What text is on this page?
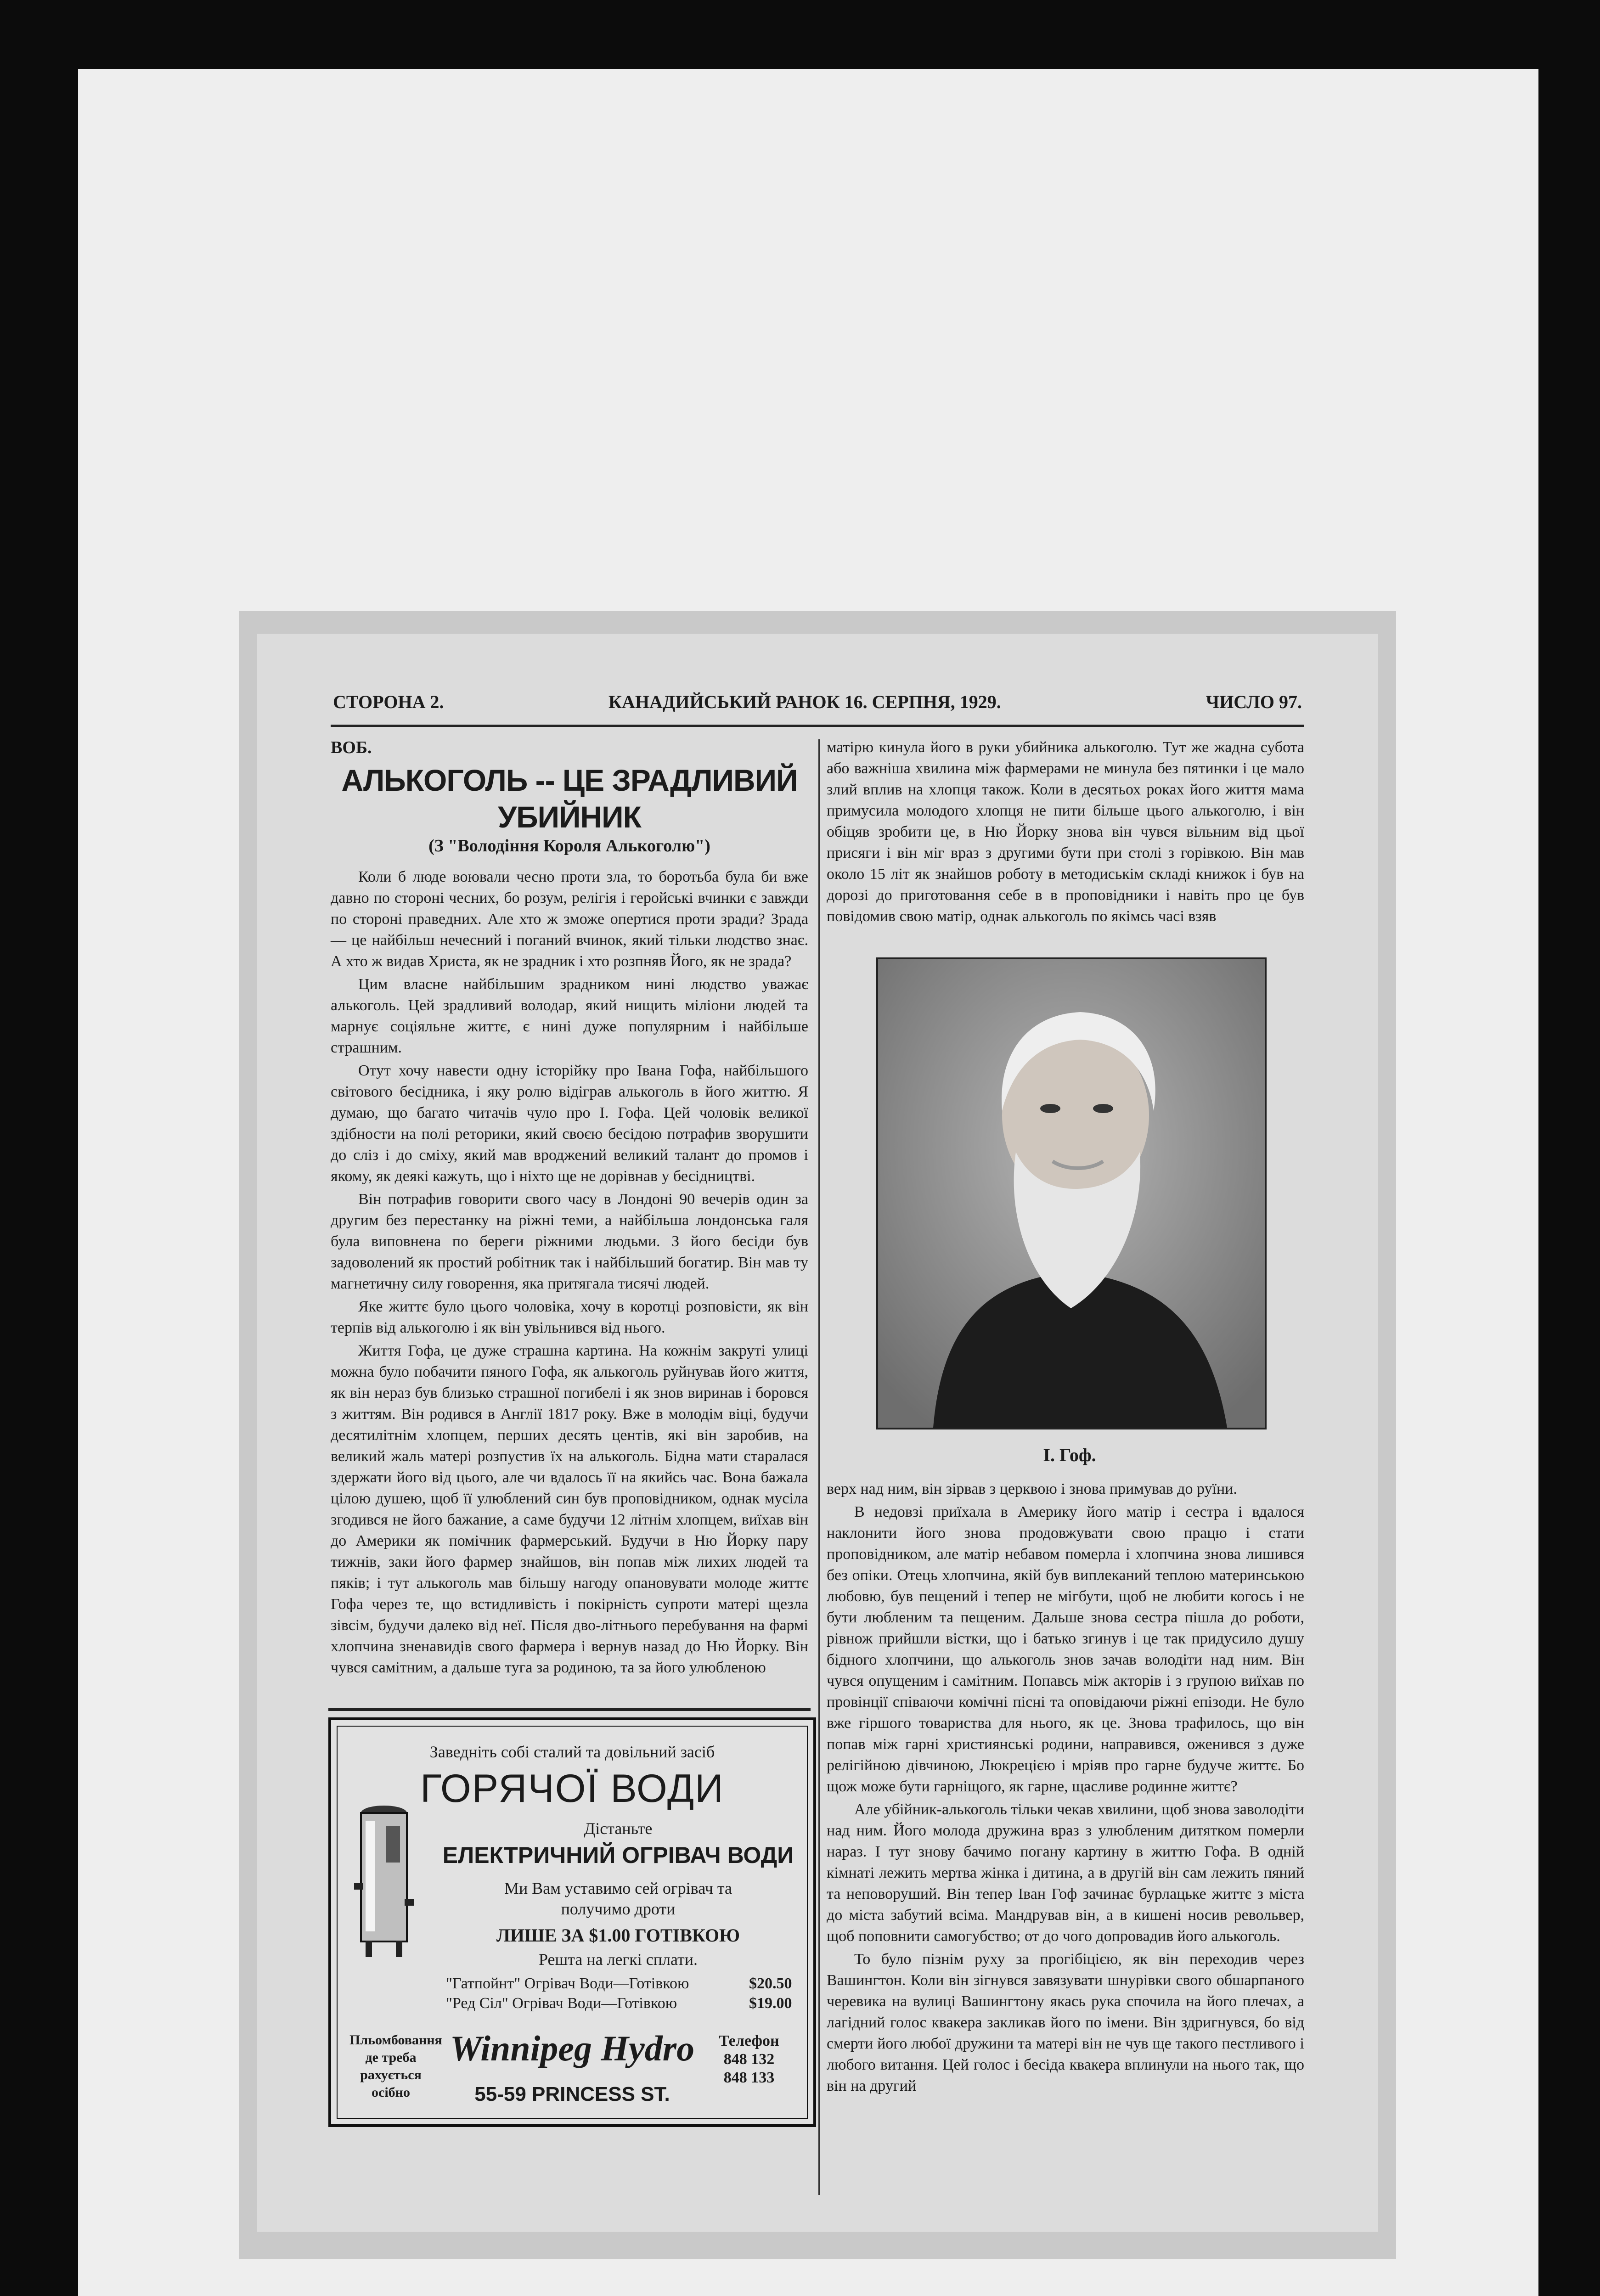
СТОРОНА 2.	КАНАДИЙСЬКИЙ РАНОК 16. СЕРПНЯ, 1929.	ЧИСЛО 97.
ВОБ.
АЛЬКОГОЛЬ -- ЦЕ ЗРАДЛИВИЙ УБИЙНИК
(З "Володіння Короля Алькоголю")

Коли б люде воювали чесно проти зла, то боротьба була би вже давно по стороні чесних, бо розум, релігія і геройські вчинки є завжди по стороні праведних. Але хто ж зможе опертися проти зради? Зрада — це найбільш нечесний і поганий вчинок, який тільки людство знає. А хто ж видав Христа, як не зрадник і хто розпняв Його, як не зрада?

Цим власне найбільшим зрадником нині людство уважає алькоголь. Цей зрадливий володар, який нищить міліони людей та марнує соціяльне життє, є нині дуже популярним і найбільше страшним.

Отут хочу навести одну історійку про Івана Гофа, найбільшого світового бесідника, і яку ролю відіграв алькоголь в його життю. Я думаю, що багато читачів чуло про І. Гофа. Цей чоловік великої здібности на полі реторики, який своєю бесідою потрафив зворушити до сліз і до сміху, який мав вроджений великий талант до промов і якому, як деякі кажуть, що і ніхто ще не дорівнав у бесідництві.

Він потрафив говорити свого часу в Лондоні 90 вечерів один за другим без перестанку на ріжні теми, а найбільша лондонська галя була виповнена по береги ріжними людьми. З його бесіди був задоволений як простий робітник так і найбільший богатир. Він мав ту магнетичну силу говорення, яка притягала тисячі людей.

Яке життє було цього чоловіка, хочу в коротці розповісти, як він терпів від алькоголю і як він увільнився від нього.

Життя Гофа, це дуже страшна картина. На кожнім закруті улиці можна було побачити пяного Гофа, як алькоголь руйнував його життя, як він нераз був близько страшної погибелі і як знов виринав і боровся з життям. Він родився в Англії 1817 року. Вже в молодім віці, будучи десятилітнім хлопцем, перших десять центів, які він заробив, на великий жаль матері розпустив їх на алькоголь. Бідна мати старалася здержати його від цього, але чи вдалось її на якийсь час. Вона бажала цілою душею, щоб її улюблений син був проповідником, однак мусіла згодився не його бажание, а саме будучи 12 літнім хлопцем, виїхав він до Америки як помічник фармерський. Будучи в Ню Йорку пару тижнів, заки його фармер знайшов, він попав між лихих людей та пяків; і тут алькоголь мав більшу нагоду опановувати молоде життє Гофа через те, що встидливість і покірність супроти матері щезла зівсім, будучи далеко від неї. Після дво-літнього перебування на фармі хлопчина зненавидів свого фармера і вернув назад до Ню Йорку. Він чувся самітним, а дальше туга за родиною, та за його улюбленою

Заведніть собі сталий та довільний засіб
ГОРЯЧОЇ ВОДИ
Дістаньте
ЕЛЕКТРИЧНИЙ ОГРІВАЧ ВОДИ
Ми Вам уставимо сей огрівач та
получимо дроти
ЛИШЕ ЗА $1.00 ГОТІВКОЮ
Решта на легкі сплати.
"Гатпойнт" Огрівач Води—Готівкою	$20.50
"Ред Сіл" Огрівач Води—Готівкою	$19.00
Пльомбовання
де треба
рахується
осібно
Winnipeg Hydro
55-59 PRINCESS ST.
Телефон
848 132
848 133

матірю кинула його в руки убийника алькоголю. Тут же жадна субота або важніша хвилина між фармерами не минула без пятинки і це мало злий вплив на хлопця також. Коли в десятьох роках його життя мама примусила молодого хлопця не пити більше цього алькоголю, і він обіцяв зробити це, в Ню Йорку знова він чувся вільним від цьої присяги і він міг враз з другими бути при столі з горівкою. Він мав около 15 літ як знайшов роботу в методиськім складі книжок і був на дорозі до приготовання себе в в проповідники і навіть про це був повідомив свою матір, однак алькоголь по якімсь часі взяв

І. Гоф.

верх над ним, він зірвав з церквою і знова примував до руїни.

В недовзі приїхала в Америку його матір і сестра і вдалося наклонити його знова продовжувати свою працю і стати проповідником, але матір небавом померла і хлопчина знова лишився без опіки. Отець хлопчина, якій був виплеканий теплою материнською любовю, був пещений і тепер не мігбути, щоб не любити когось і не бути любленим та пещеним. Дальше знова сестра пішла до роботи, рівнож прийшли вістки, що і батько згинув і це так придусило душу бідного хлопчини, що алькоголь знов зачав володіти над ним. Він чувся опущеним і самітним. Попавсь між акторів і з групою виїхав по провінції співаючи комічні пісні та оповідаючи ріжні епізоди. Не було вже гіршого товариства для нього, як це. Знова трафилось, що він попав між гарні християнські родини, направився, оженився з дуже релігійною дівчиною, Люкрецією і мріяв про гарне будуче життє. Бо щож може бути гарніщого, як гарне, щасливе родинне життє?

Але убійник-алькоголь тільки чекав хвилини, щоб знова заволодіти над ним. Його молода дружина враз з улюбленим дитятком померли нараз. І тут знову бачимо погану картину в життю Гофа. В одній кімнаті лежить мертва жінка і дитина, а в другій він сам лежить пяний та неповоруший. Він тепер Іван Гоф зачинає бурлацьке життє з міста до міста забутий всіма. Мандрував він, а в кишені носив револьвер, щоб поповнити самогубство; от до чого допровадив його алькоголь.

То було пізнім руху за прогібіцією, як він переходив через Вашингтон. Коли він зігнувся завязувати шнурівки свого обшарпаного черевика на вулиці Вашингтону якась рука спочила на його плечах, а лагідний голос квакера закликав його по імени. Він здригнувся, бо від смерти його любої дружини та матері він не чув ще такого пестливого і любого витання. Цей голос і бесіда квакера вплинули на нього так, що він на другий
